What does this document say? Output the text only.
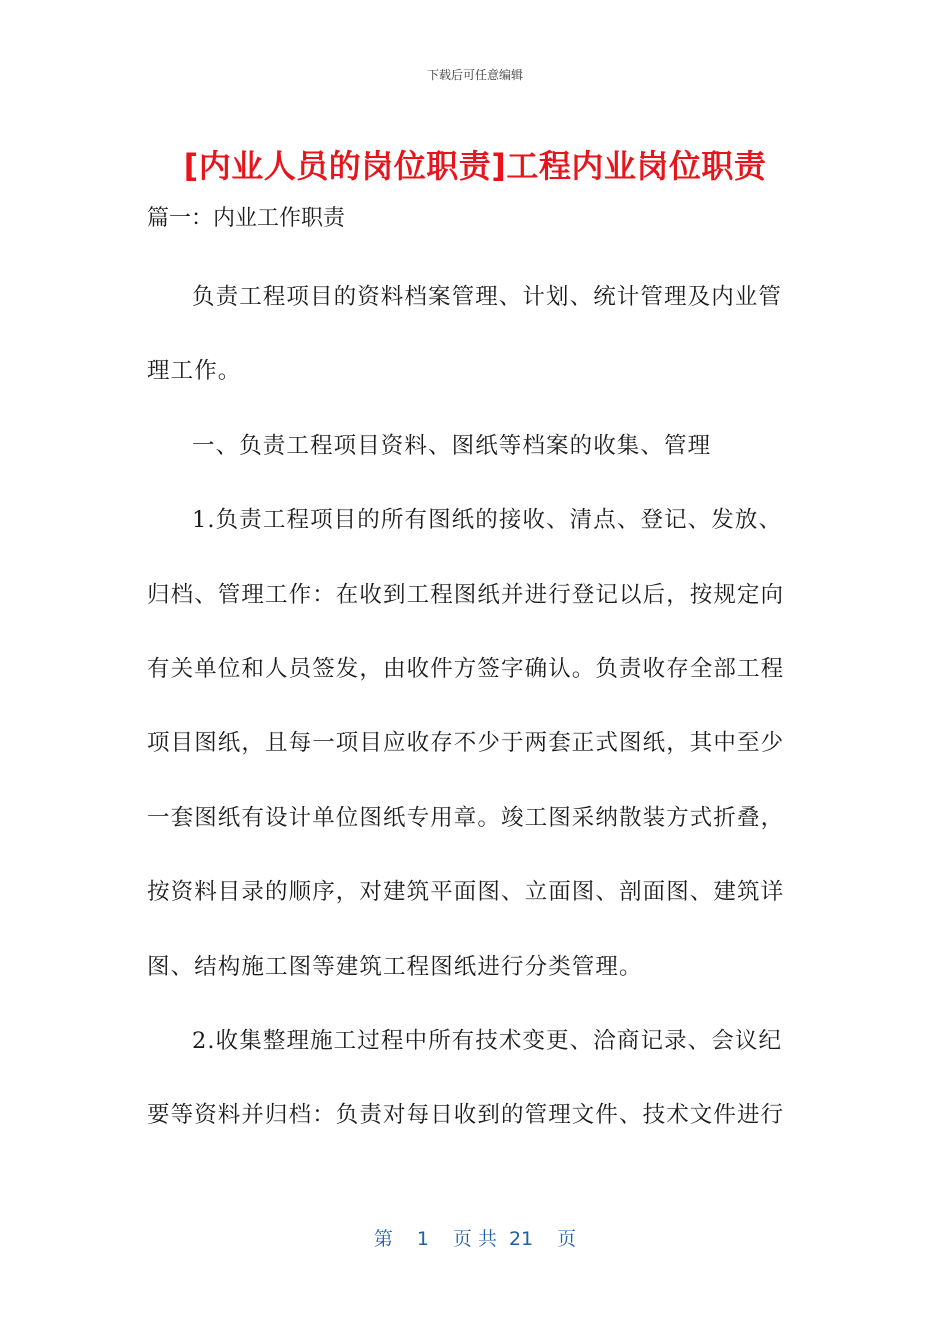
下载后可任意编辑
[内业人员的岗位职责]工程内业岗位职责
篇一：内业工作职责

负责工程项目的资料档案管理、计划、统计管理及内业管理工作。

一、负责工程项目资料、图纸等档案的收集、管理

1.负责工程项目的所有图纸的接收、清点、登记、发放、归档、管理工作：在收到工程图纸并进行登记以后，按规定向有关单位和人员签发，由收件方签字确认。负责收存全部工程项目图纸，且每一项目应收存不少于两套正式图纸，其中至少一套图纸有设计单位图纸专用章。竣工图采纳散装方式折叠，按资料目录的顺序，对建筑平面图、立面图、剖面图、建筑详图、结构施工图等建筑工程图纸进行分类管理。

2.收集整理施工过程中所有技术变更、洽商记录、会议纪要等资料并归档：负责对每日收到的管理文件、技术文件进行

第 1 页 共 21 页
